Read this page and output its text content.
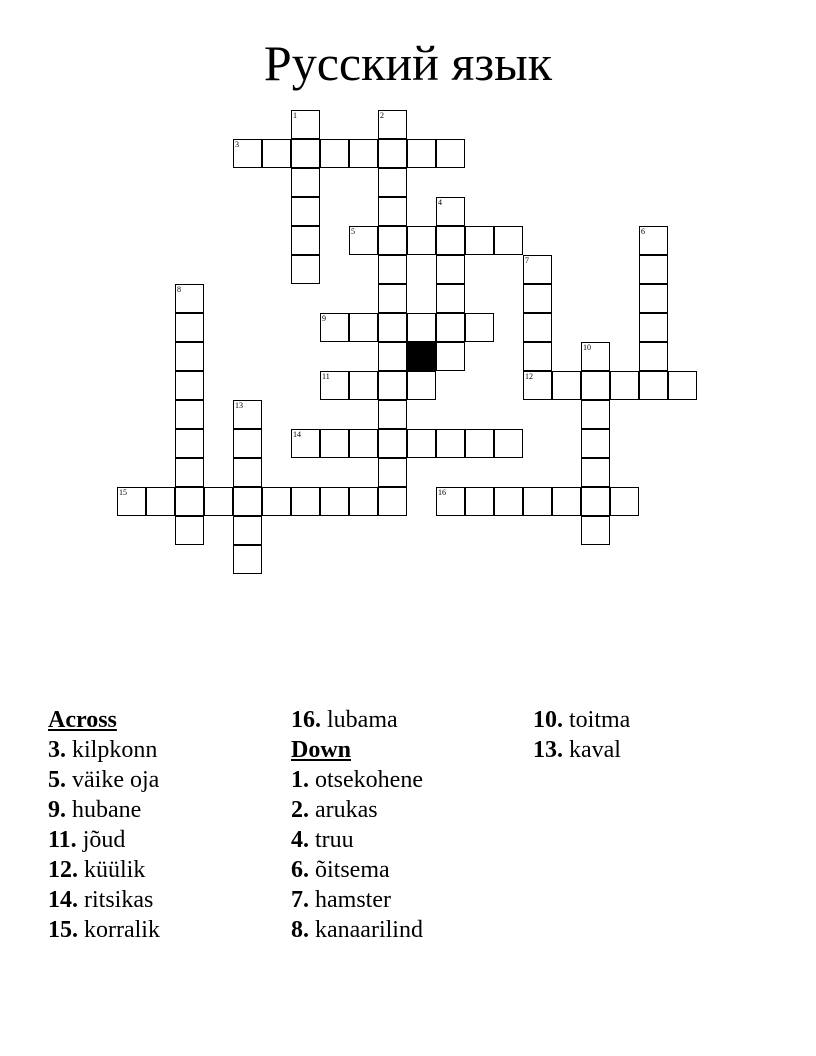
Русский язык
1	2
3
4
5	6
7
8
9
10
11	12
13
14
15	16
Across
3. kilpkonn
5. väike oja
9. hubane
11. jõud
12. küülik
14. ritsikas
15. korralik
16. lubama
Down
1. otsekohene
2. arukas
4. truu
6. õitsema
7. hamster
8. kanaarilind
10. toitma
13. kaval
